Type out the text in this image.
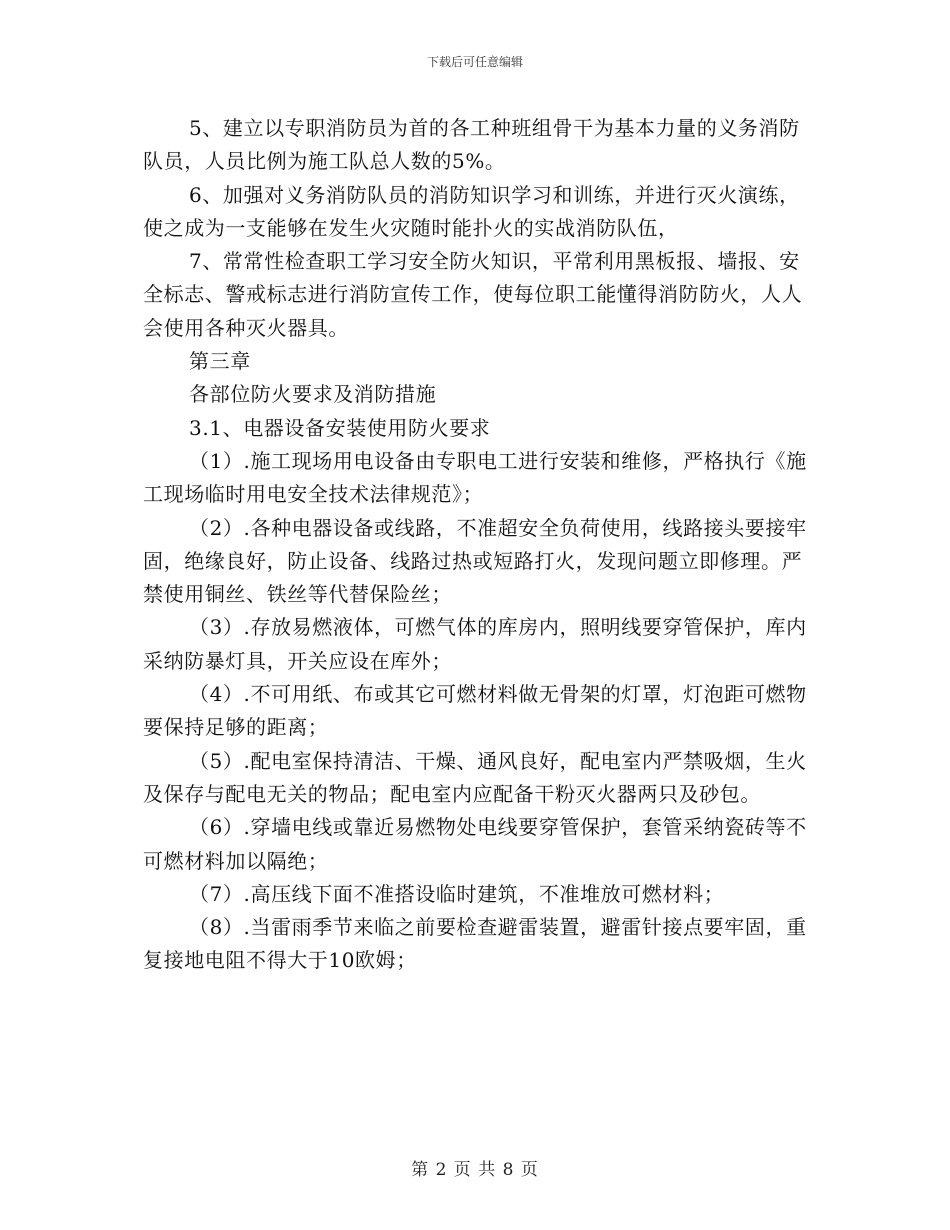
下载后可任意编辑

5、建立以专职消防员为首的各工种班组骨干为基本力量的义务消防队员，人员比例为施工队总人数的5%。

6、加强对义务消防队员的消防知识学习和训练，并进行灭火演练，使之成为一支能够在发生火灾随时能扑火的实战消防队伍，

7、常常性检查职工学习安全防火知识，平常利用黑板报、墙报、安全标志、警戒标志进行消防宣传工作，使每位职工能懂得消防防火，人人会使用各种灭火器具。

第三章

各部位防火要求及消防措施

3.1、电器设备安装使用防火要求

（1）.施工现场用电设备由专职电工进行安装和维修，严格执行《施工现场临时用电安全技术法律规范》；

（2）.各种电器设备或线路，不准超安全负荷使用，线路接头要接牢固，绝缘良好，防止设备、线路过热或短路打火，发现问题立即修理。严禁使用铜丝、铁丝等代替保险丝；

（3）.存放易燃液体，可燃气体的库房内，照明线要穿管保护，库内采纳防暴灯具，开关应设在库外；

（4）.不可用纸、布或其它可燃材料做无骨架的灯罩，灯泡距可燃物要保持足够的距离；

（5）.配电室保持清洁、干燥、通风良好，配电室内严禁吸烟，生火及保存与配电无关的物品；配电室内应配备干粉灭火器两只及砂包。

（6）.穿墙电线或靠近易燃物处电线要穿管保护，套管采纳瓷砖等不可燃材料加以隔绝；

（7）.高压线下面不准搭设临时建筑，不准堆放可燃材料；

（8）.当雷雨季节来临之前要检查避雷装置，避雷针接点要牢固，重复接地电阻不得大于10欧姆；

第 2 页 共 8 页
